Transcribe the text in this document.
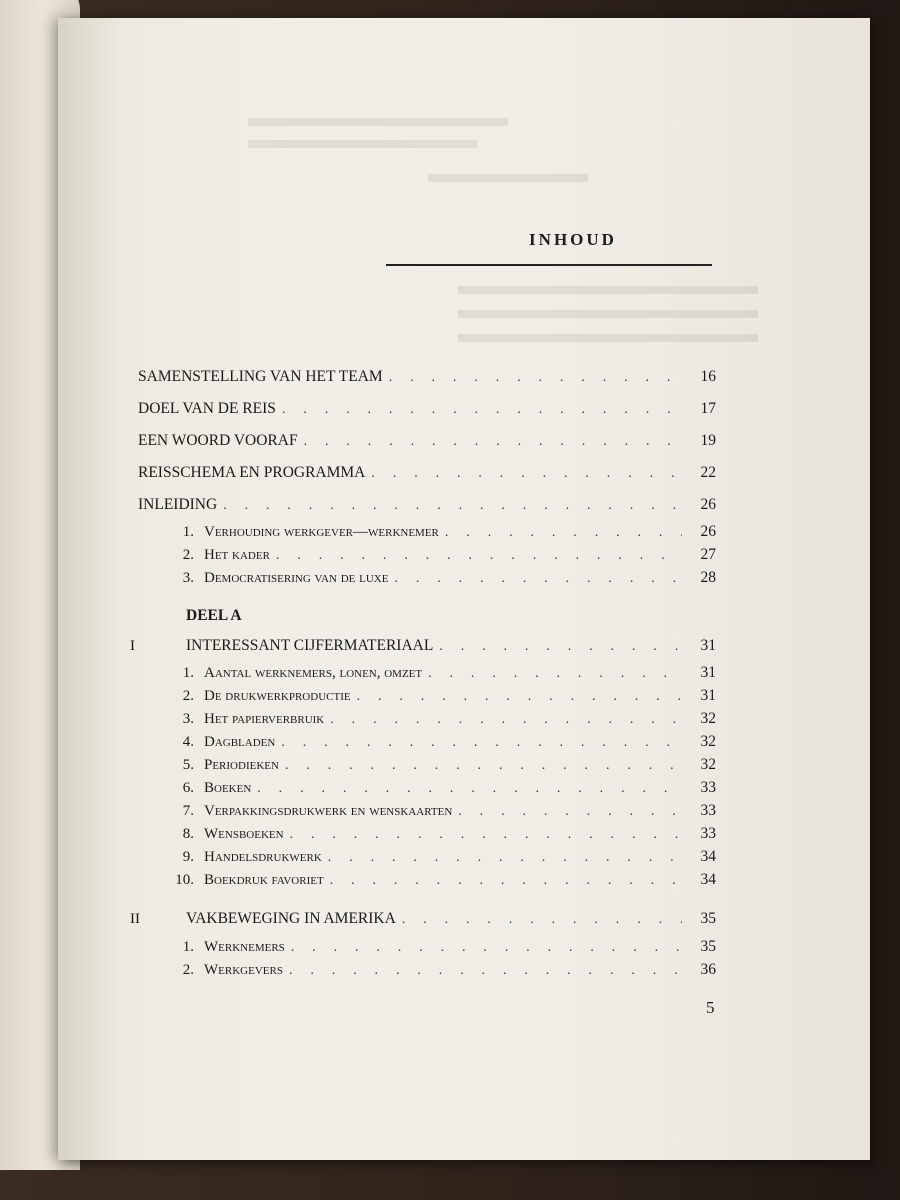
INHOUD
SAMENSTELLING VAN HET TEAM . . .	16
DOEL VAN DE REIS . . .	17
EEN WOORD VOORAF . . .	19
REISSCHEMA EN PROGRAMMA . . .	22
INLEIDING . . .	26
1. Verhouding werkgever—werknemer . . .	26
2. Het kader . . .	27
3. Democratisering van de luxe . . .	28
DEEL A
I	INTERESSANT CIJFERMATERIAAL . . .	31
1. Aantal werknemers, lonen, omzet . . .	31
2. De drukwerkproductie . . .	31
3. Het papierverbruik . . .	32
4. Dagbladen . . .	32
5. Periodieken . . .	32
6. Boeken . . .	33
7. Verpakkingsdrukwerk en wenskaarten . . .	33
8. Wensboeken . . .	33
9. Handelsdrukwerk . . .	34
10. Boekdruk favoriet . . .	34
II	VAKBEWEGING IN AMERIKA . . .	35
1. Werknemers . . .	35
2. Werkgevers . . .	36
5
